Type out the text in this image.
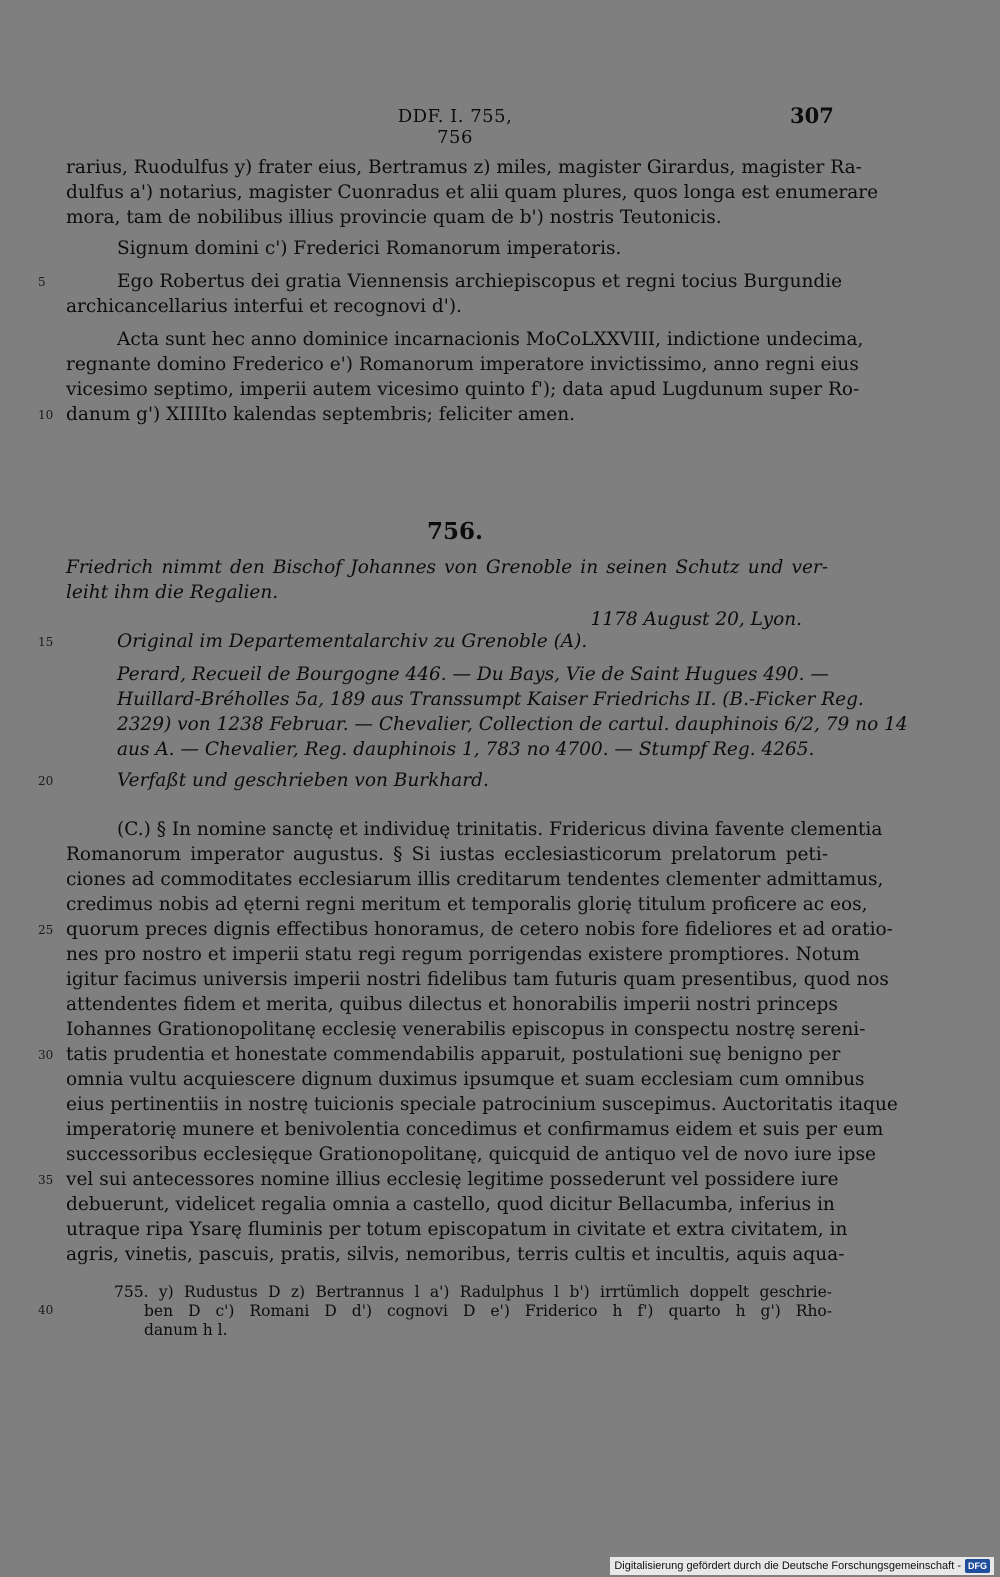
DDF. I. 755, 756
307
rarius, Ruodulfus y) frater eius, Bertramus z) miles, magister Girardus, magister Ra-
dulfus a') notarius, magister Cuonradus et alii quam plures, quos longa est enumerare
mora, tam de nobilibus illius provincie quam de b') nostris Teutonicis.
Signum domini c') Frederici Romanorum imperatoris.
5	Ego Robertus dei gratia Viennensis archiepiscopus et regni tocius Burgundie
archicancellarius interfui et recognovi d').
Acta sunt hec anno dominice incarnacionis MoCoLXXVIII, indictione undecima,
regnante domino Frederico e') Romanorum imperatore invictissimo, anno regni eius
vicesimo septimo, imperii autem vicesimo quinto f'); data apud Lugdunum super Ro-
10 danum g') XIIIIto kalendas septembris; feliciter amen.
756.
Friedrich nimmt den Bischof Johannes von Grenoble in seinen Schutz und ver-
leiht ihm die Regalien.
1178 August 20, Lyon.
15	Original im Departementalarchiv zu Grenoble (A).
Perard, Recueil de Bourgogne 446. — Du Bays, Vie de Saint Hugues 490. —
Huillard-Bréholles 5a, 189 aus Transsumpt Kaiser Friedrichs II. (B.-Ficker Reg.
2329) von 1238 Februar. — Chevalier, Collection de cartul. dauphinois 6/2, 79 no 14
aus A. — Chevalier, Reg. dauphinois 1, 783 no 4700. — Stumpf Reg. 4265.
20	Verfaßt und geschrieben von Burkhard.
(C.) § In nomine sanctę et individuę trinitatis. Fridericus divina favente clementia
Romanorum imperator augustus. § Si iustas ecclesiasticorum prelatorum peti-
ciones ad commoditates ecclesiarum illis creditarum tendentes clementer admittamus,
credimus nobis ad ęterni regni meritum et temporalis glorię titulum proficere ac eos,
25 quorum preces dignis effectibus honoramus, de cetero nobis fore fideliores et ad oratio-
nes pro nostro et imperii statu regi regum porrigendas existere promptiores. Notum
igitur facimus universis imperii nostri fidelibus tam futuris quam presentibus, quod nos
attendentes fidem et merita, quibus dilectus et honorabilis imperii nostri princeps
Iohannes Grationopolitanę ecclesię venerabilis episcopus in conspectu nostrę sereni-
30 tatis prudentia et honestate commendabilis apparuit, postulationi suę benigno per
omnia vultu acquiescere dignum duximus ipsumque et suam ecclesiam cum omnibus
eius pertinentiis in nostrę tuicionis speciale patrocinium suscepimus. Auctoritatis itaque
imperatorię munere et benivolentia concedimus et confirmamus eidem et suis per eum
successoribus ecclesięque Grationopolitanę, quicquid de antiquo vel de novo iure ipse
35 vel sui antecessores nomine illius ecclesię legitime possederunt vel possidere iure
debuerunt, videlicet regalia omnia a castello, quod dicitur Bellacumba, inferius in
utraque ripa Ysarę fluminis per totum episcopatum in civitate et extra civitatem, in
agris, vinetis, pascuis, pratis, silvis, nemoribus, terris cultis et incultis, aquis aqua-
755. y) Rudustus D z) Bertrannus l a') Radulphus l b') irrtümlich doppelt geschrie-
40	ben D c') Romani D d') cognovi D e') Friderico h f') quarto h g') Rho-
danum h l.
Digitalisierung gefördert durch die Deutsche Forschungsgemeinschaft - DFG
